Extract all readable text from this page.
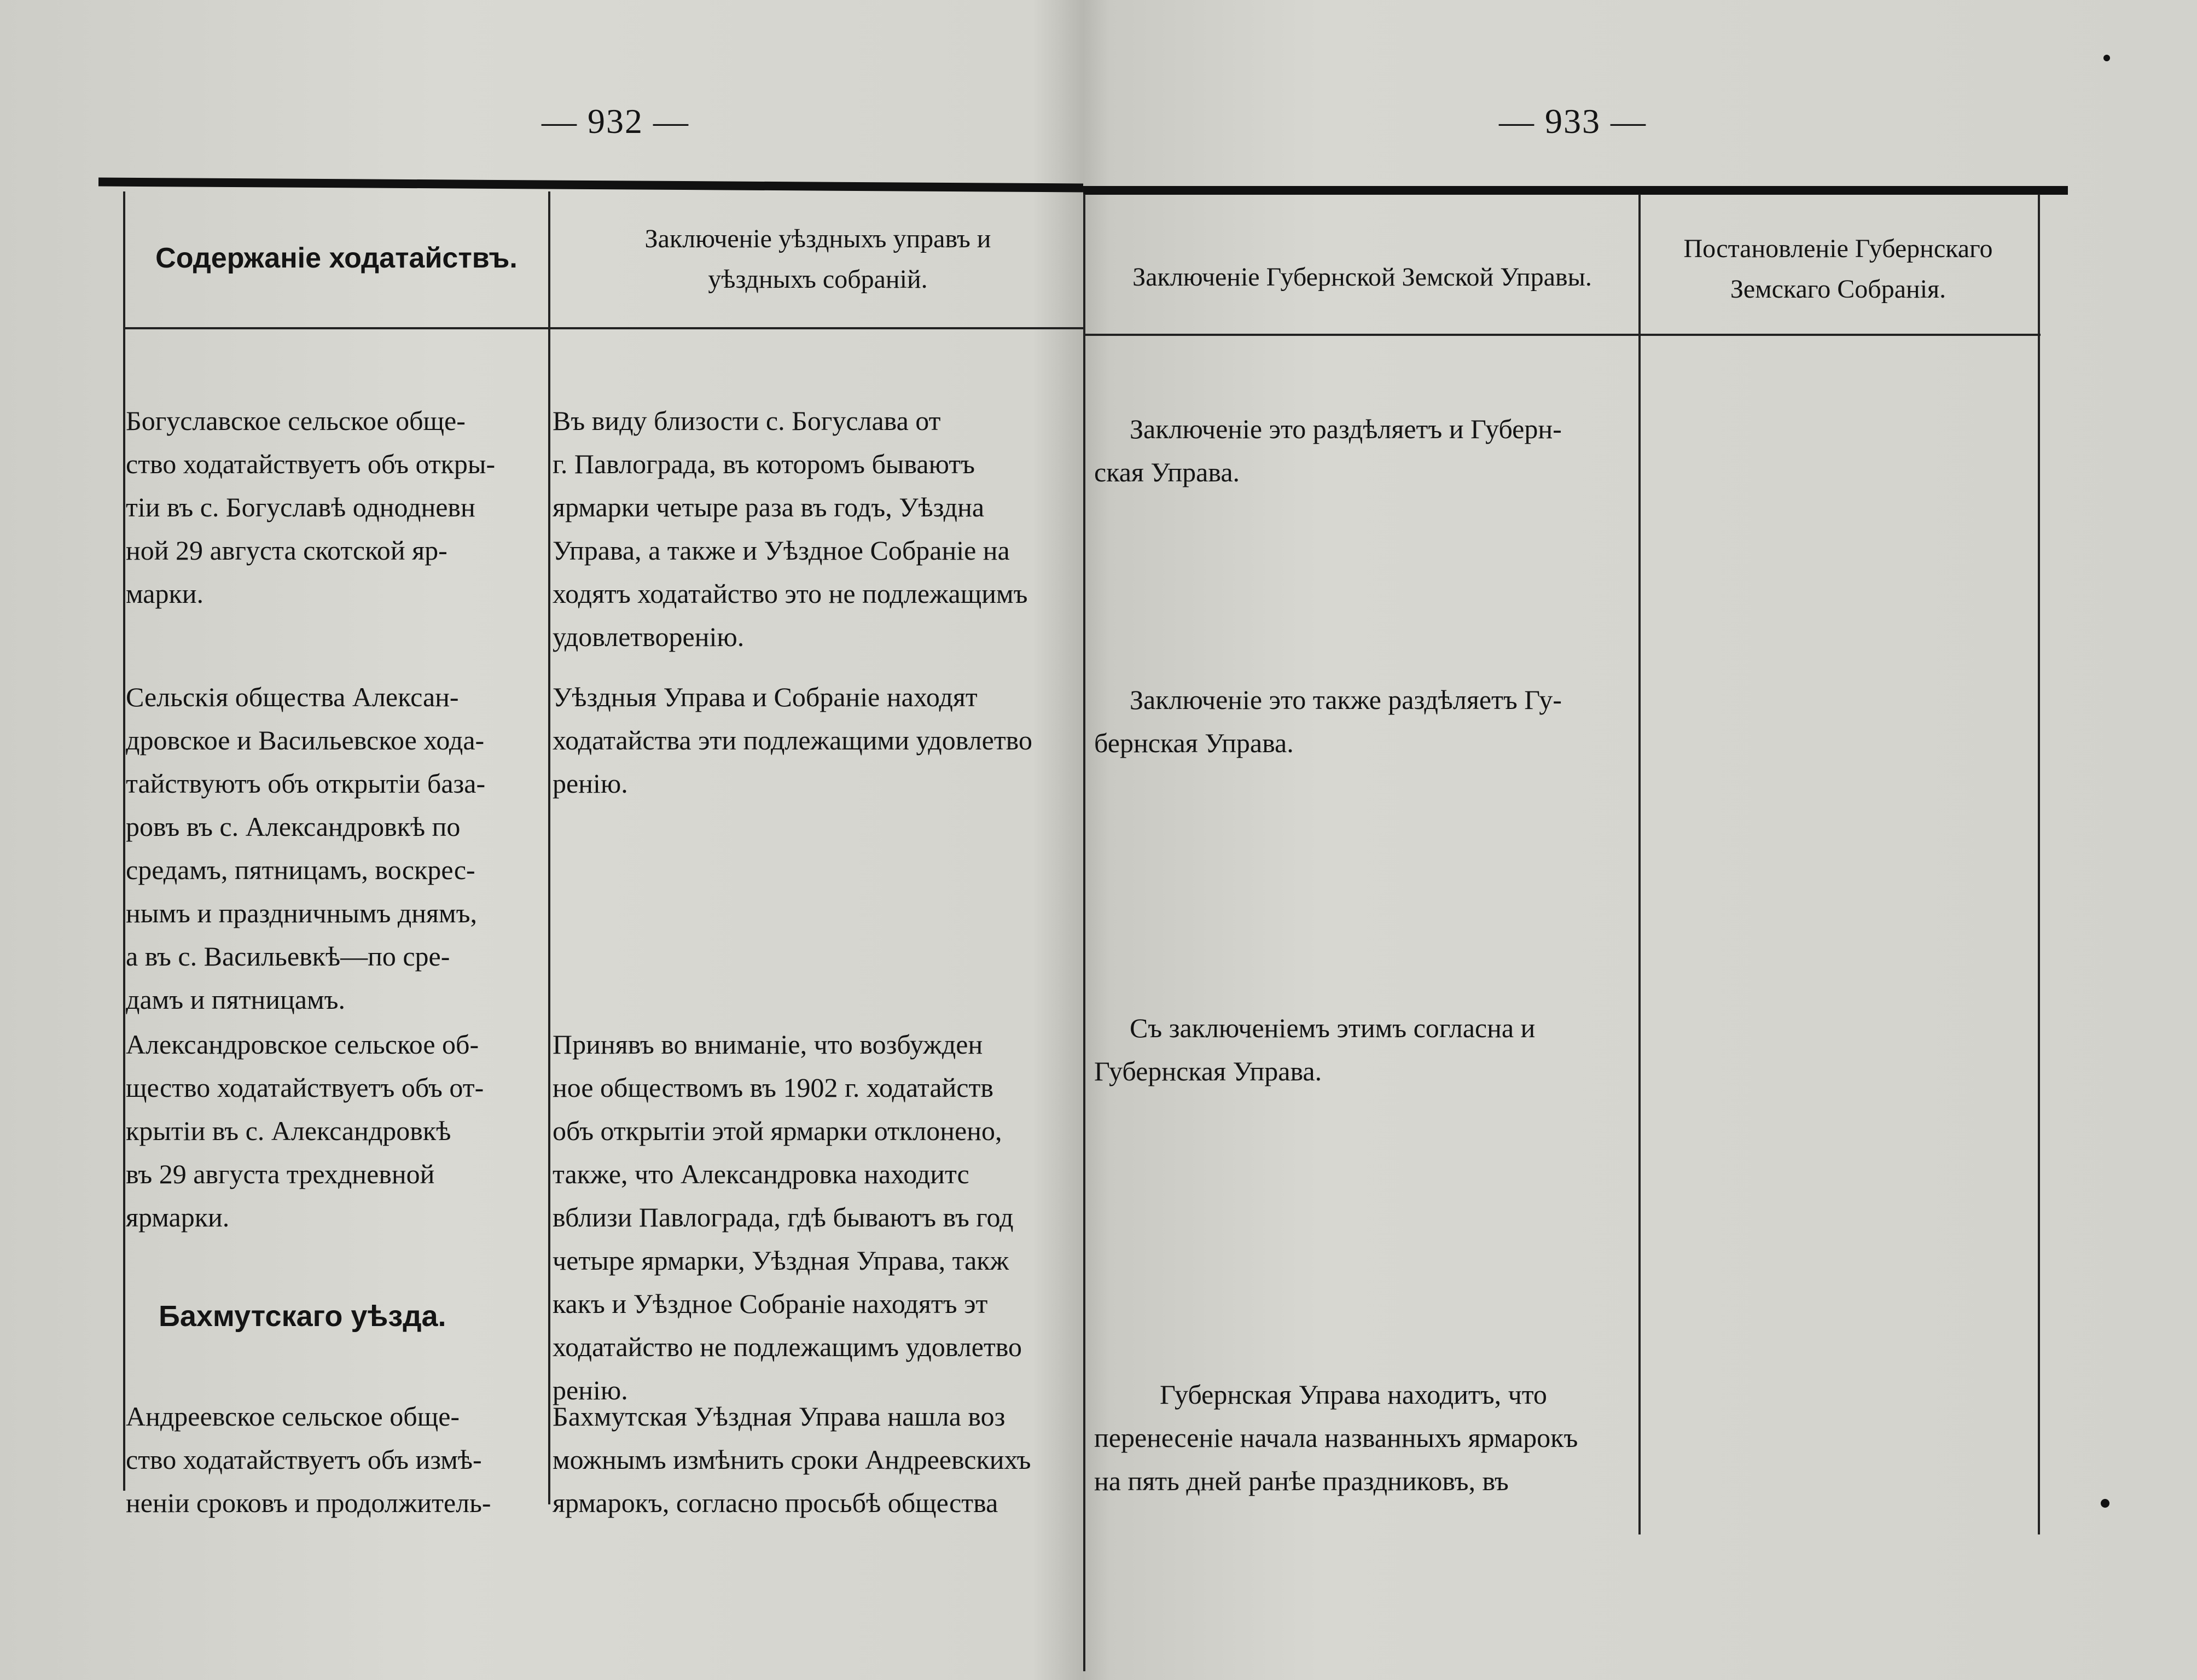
— 932 —
Содержаніе ходатайствъ.
Заключеніе уѣздныхъ управъ и
уѣздныхъ собраній.
Богуславское сельское обще-
ство ходатайствуетъ объ откры-
тіи въ с. Богуславѣ однодневн
ной 29 августа скотской яр-
марки.
Въ виду близости с. Богуслава от
г. Павлограда, въ которомъ бываютъ
ярмарки четыре раза въ годъ, Уѣздна
Управа, а также и Уѣздное Собраніе на
ходятъ ходатайство это не подлежащимъ
удовлетворенію.
Сельскія общества Алексан-
дровское и Васильевское хода-
тайствуютъ объ открытіи база-
ровъ въ с. Александровкѣ по
средамъ, пятницамъ, воскрес-
нымъ и праздничнымъ днямъ,
а въ с. Васильевкѣ—по сре-
дамъ и пятницамъ.
Уѣздныя Управа и Собраніе находят
ходатайства эти подлежащими удовлетво
ренію.
Александровское сельское об-
щество ходатайствуетъ объ от-
крытіи въ с. Александровкѣ
въ 29 августа трехдневной
ярмарки.
Принявъ во вниманіе, что возбужден
ное обществомъ въ 1902 г. ходатайств
объ открытіи этой ярмарки отклонено,
также, что Александровка находитс
вблизи Павлограда, гдѣ бываютъ въ год
четыре ярмарки, Уѣздная Управа, такж
какъ и Уѣздное Собраніе находятъ эт
ходатайство не подлежащимъ удовлетво
ренію.
Бахмутскаго уѣзда.
Андреевское сельское обще-
ство ходатайствуетъ объ измѣ-
неніи сроковъ и продолжитель-
Бахмутская Уѣздная Управа нашла воз
можнымъ измѣнить сроки Андреевскихъ
ярмарокъ, согласно просьбѣ общества
— 933 —
Заключеніе Губернской Земской Управы.
Постановленіе Губернскаго
Земскаго Собранія.
Заключеніе это раздѣляетъ и Губерн-
ская Управа.
Заключеніе это также раздѣляетъ Гу-
бернская Управа.
Съ заключеніемъ этимъ согласна и
Губернская Управа.
Губернская Управа находитъ, что
перенесеніе начала названныхъ ярмарокъ
на пять дней ранѣе праздниковъ, въ
